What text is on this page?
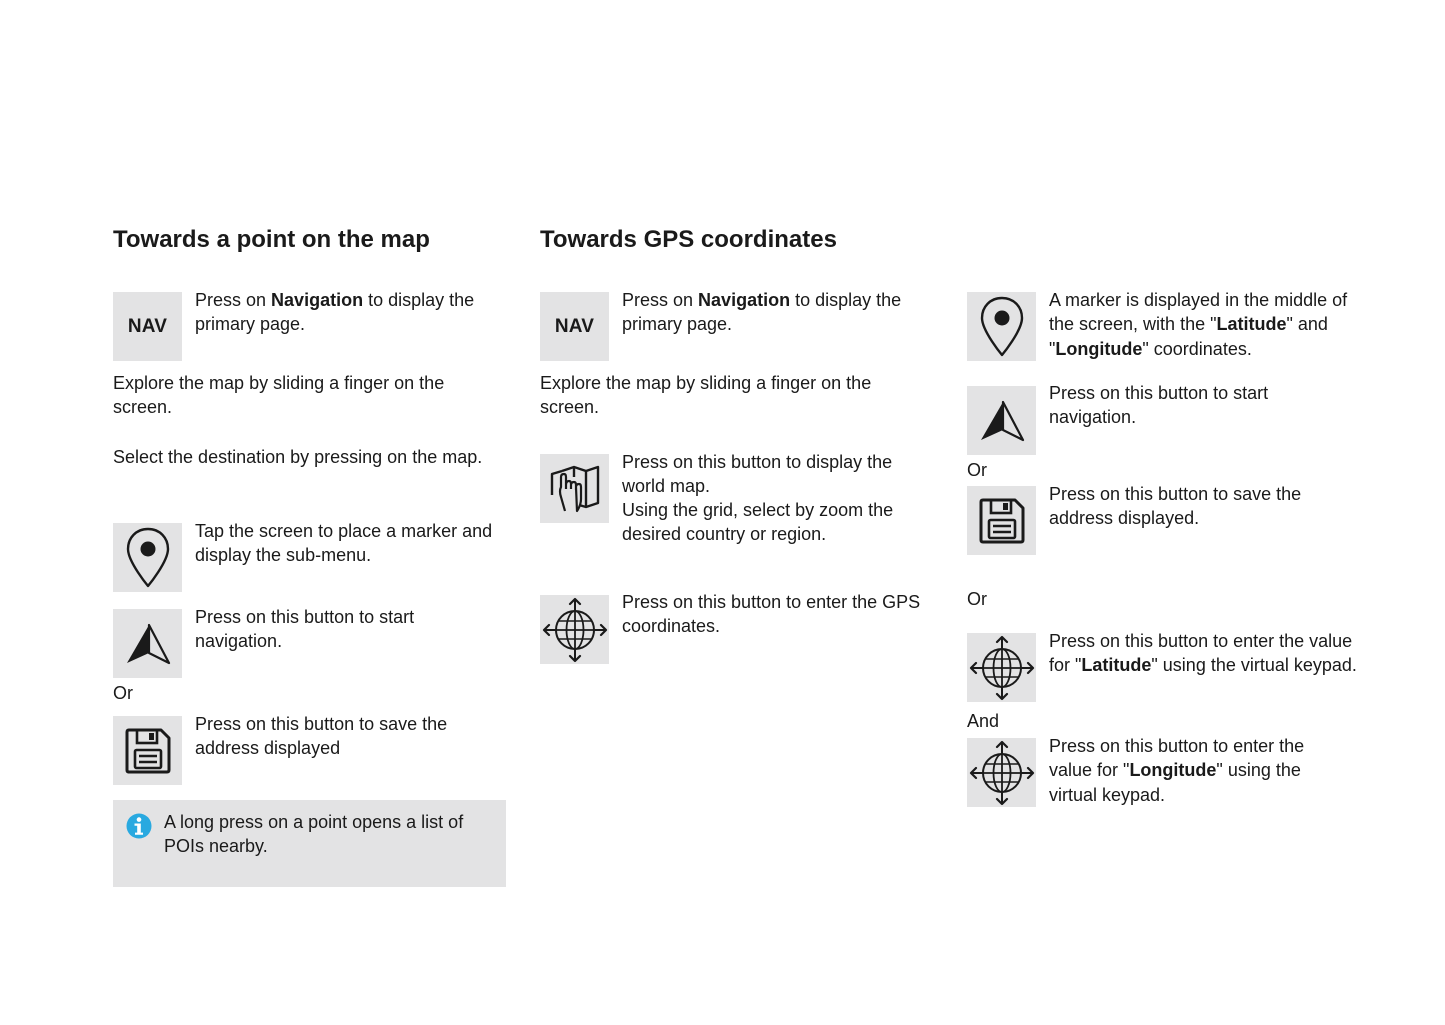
Towards a point on the map
NAV

Press on Navigation to display the primary page.

Explore the map by sliding a finger on the screen.

Select the destination by pressing on the map.

Tap the screen to place a marker and display the sub-menu.

Press on this button to start navigation.

Or

Press on this button to save the address displayed

A long press on a point opens a list of POIs nearby.

Towards GPS coordinates
NAV

Press on Navigation to display the primary page.

Explore the map by sliding a finger on the screen.

Press on this button to display the world map.

Using the grid, select by zoom the desired country or region.

Press on this button to enter the GPS coordinates.

A marker is displayed in the middle of the screen, with the "Latitude" and "Longitude" coordinates.

Press on this button to start navigation.

Or

Press on this button to save the address displayed.

Or

Press on this button to enter the value for "Latitude" using the virtual keypad.

And

Press on this button to enter the value for "Longitude" using the virtual keypad.
